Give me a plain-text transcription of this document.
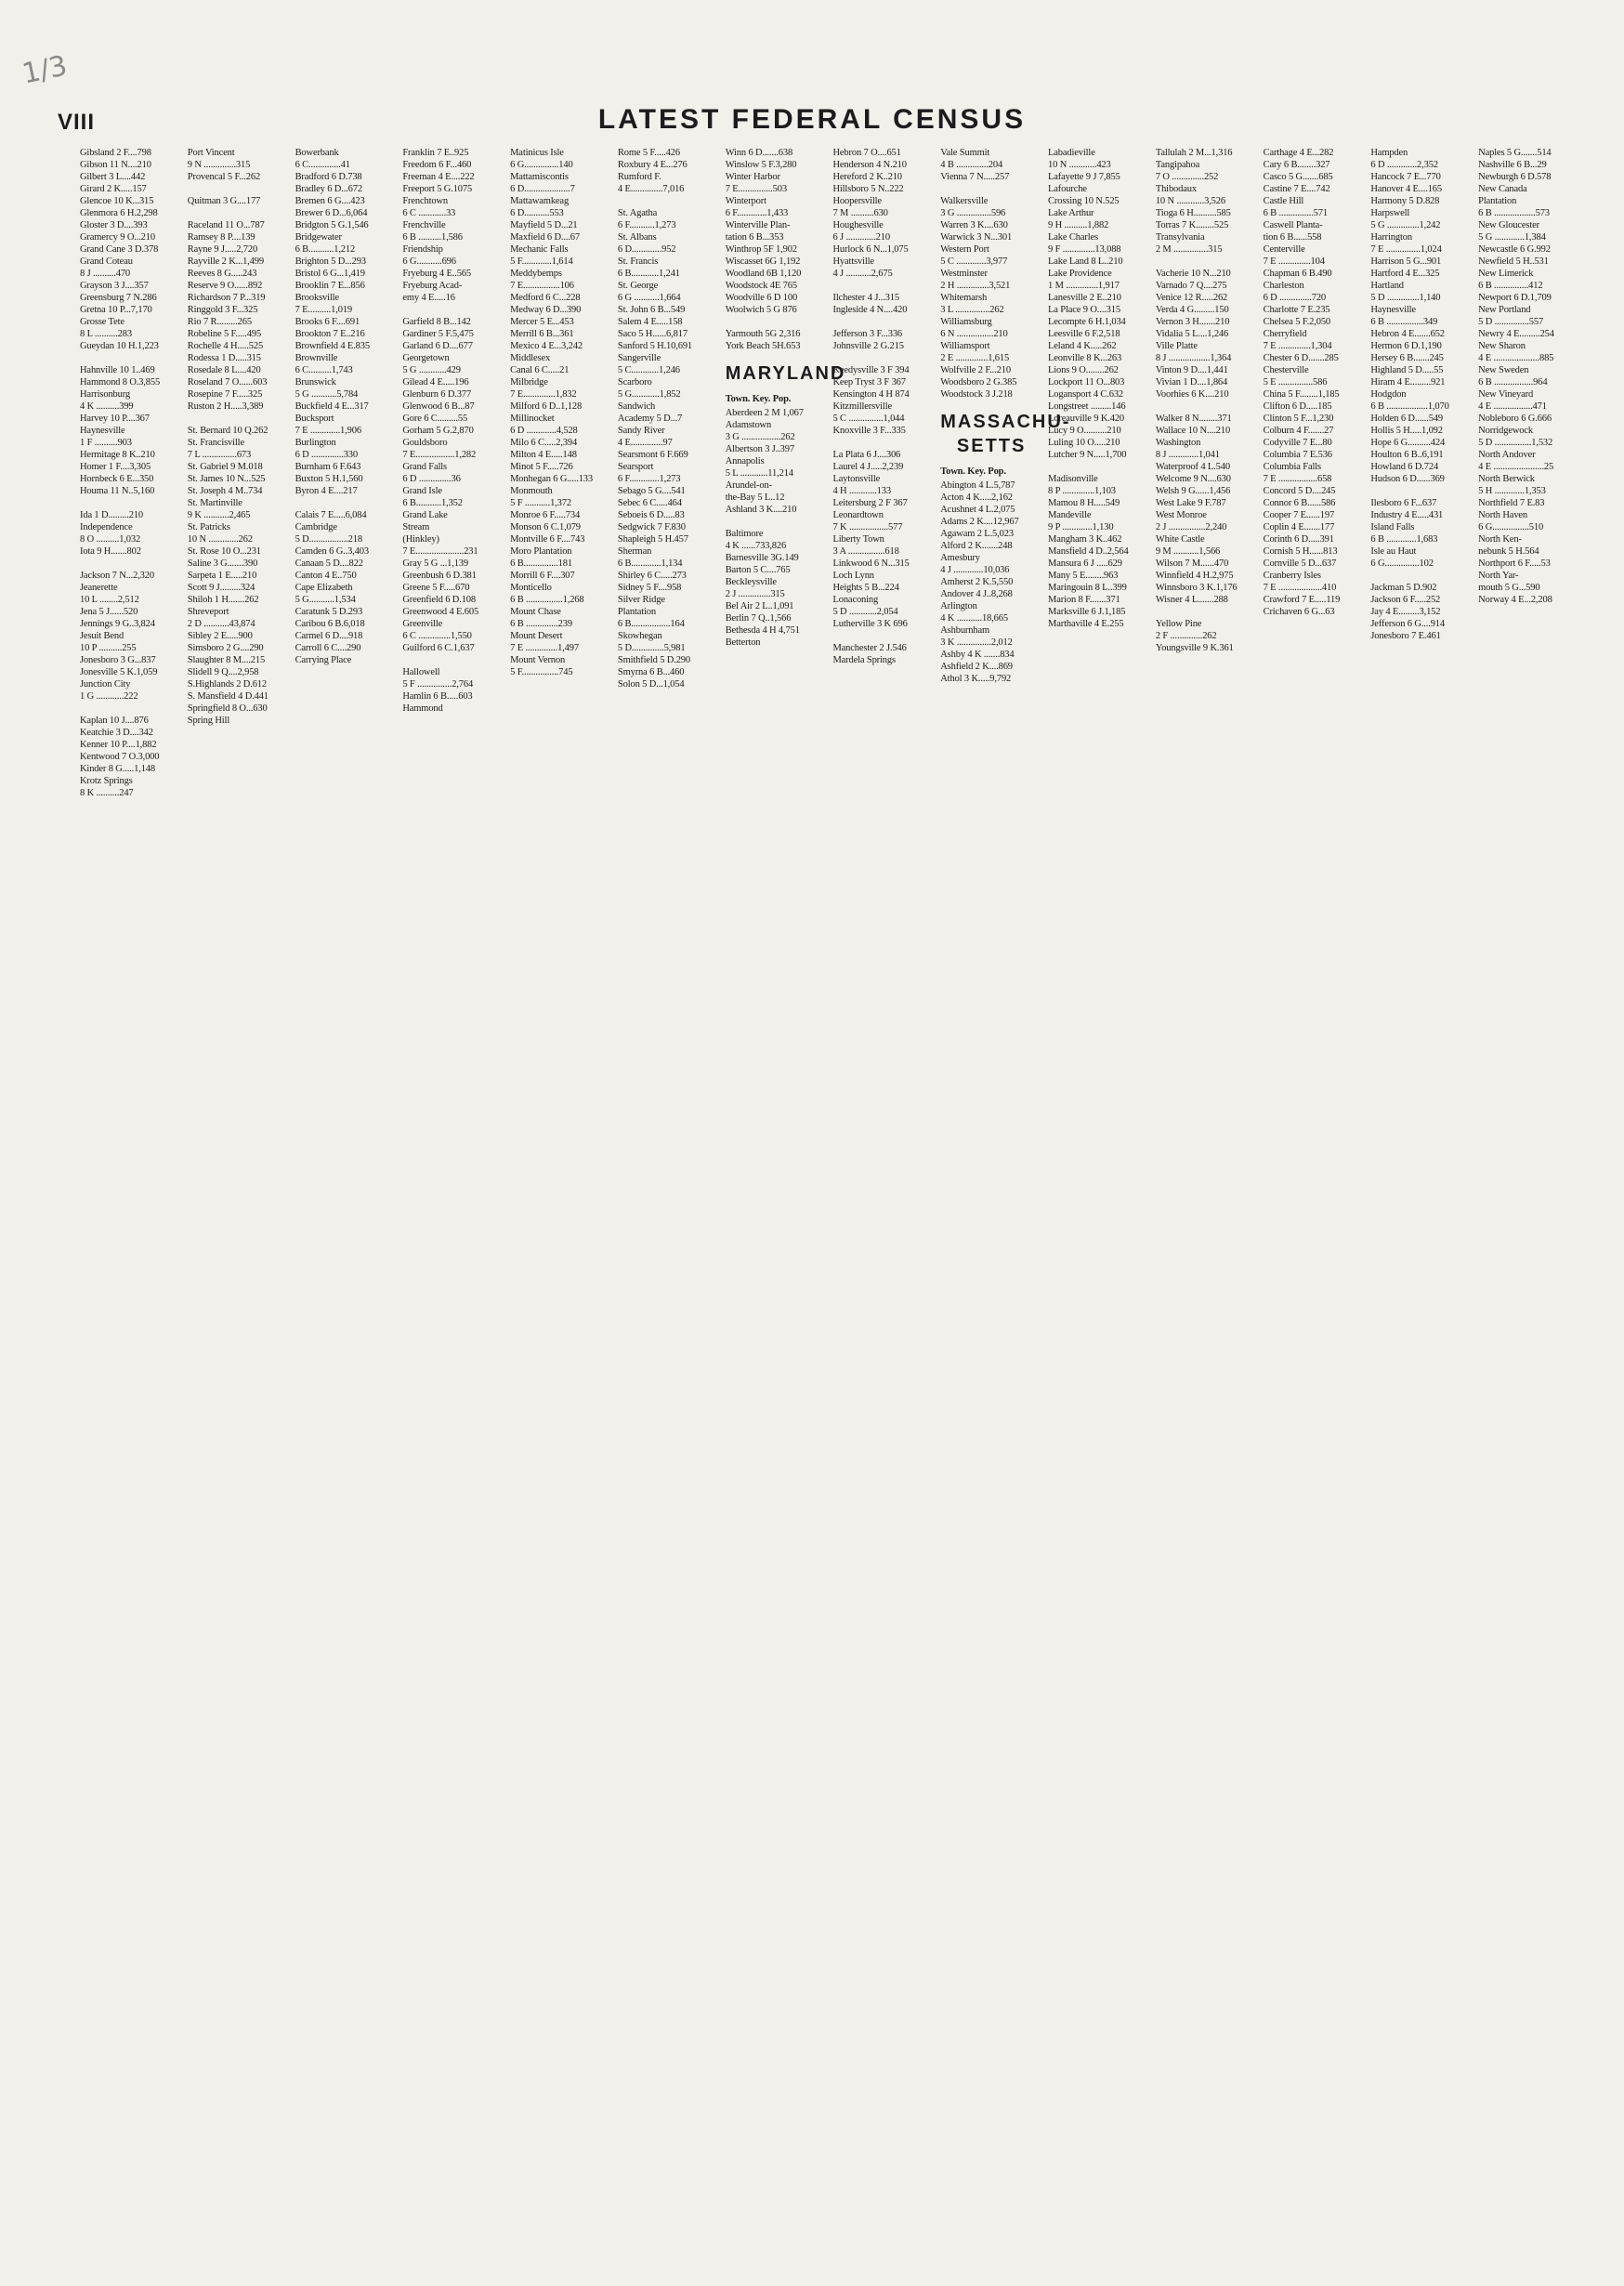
1/3
VIII	LATEST FEDERAL CENSUS
Gibsland 2 F....798
Gibson 11 N....210
Gilbert 3 L....442
Girard 2 K.....157
Glencoe 10 K...315
Glenmora 6 H.2,298
Gloster 3 D....393
Gramercy 9 O...210
Grand Cane 3 D.378
Grand Coteau
8 J ..........470
Grayson 3 J....357
Greensburg 7 N.286
Gretna 10 P...7,170
Grosse Tete
8 L ..........283
Gueydan 10 H.1,223

Hahnville 10 1..469
Hammond 8 O.3,855
Harrisonburg
4 K ..........399
Harvey 10 P....367
Haynesville
1 F ..........903
Hermitage 8 K..210
Homer 1 F....3,305
Hornbeck 6 E...350
Houma 11 N..5,160

Ida 1 D.........210
Independence
8 O ..........1,032
Iota 9 H.......802

Jackson 7 N...2,320
Jeanerette
10 L ........2,512
Jena 5 J......520
Jennings 9 G..3,824
Jesuit Bend
10 P ..........255
Jonesboro 3 G...837
Jonesville 5 K.1,059
Junction City
1 G ............222

Kaplan 10 J....876
Keatchie 3 D....342
Kenner 10 P....1,882
Kentwood 7 O.3,000
Kinder 8 G.....1,148
Krotz Springs
8 K ..........247
Port Vincent
9 N ..............315
Provencal 5 F...262

Quitman 3 G....177

Raceland 11 O...787
Ramsey 8 P....139
Rayne 9 J.....2,720
Rayville 2 K...1,499
Reeves 8 G.....243
Reserve 9 O......892
Richardson 7 P...319
Ringgold 3 F...325
Rio 7 R.........265
Robeline 5 F.....495
Rochelle 4 H.....525
Rodessa 1 D.....315
Rosedale 8 L....420
Roseland 7 O......603
Rosepine 7 F.....325
Ruston 2 H.....3,389

St. Bernard 10 Q.262
St. Francisville
7 L ...............673
St. Gabriel 9 M.018
St. James 10 N...525
St. Joseph 4 M..734
St. Martinville
9 K ...........2,465
St. Patricks
10 N .............262
St. Rose 10 O...231
Saline 3 G.......390
Sarpeta 1 E.....210
Scott 9 J.........324
Shiloh 1 H.......262
Shreveport
2 D ...........43,874
Sibley 2 E.....900
Simsboro 2 G....290
Slaughter 8 M....215
Slidell 9 Q....2,958
S.Highlands 2 D.612
S. Mansfield 4 D.441
Springfield 8 O...630
Spring Hill
Bowerbank
6 C..............41
Bradford 6 D.738
Bradley 6 D...672
Bremen 6 G....423
Brewer 6 D...6,064
Bridgton 5 G.1,546
Bridgewater
6 B...........1,212
Brighton 5 D...293
Bristol 6 G...1,419
Brooklin 7 E...856
Brooksville
7 E..........1,019
Brooks 6 F....691
Brookton 7 E..216
Brownfield 4 E.835
Brownville
6 C..........1,743
Brunswick
5 G ...........5,784
Buckfield 4 E...317
Bucksport
7 E .............1,906
Burlington
6 D ..............330
Burnham 6 F.643
Buxton 5 H.1,560
Byron 4 E....217

Calais 7 E.....6,084
Cambridge
5 D.................218
Camden 6 G..3,403
Canaan 5 D....822
Canton 4 E..750
Cape Elizabeth
5 G...........1,534
Caratunk 5 D.293
Caribou 6 B.6,018
Carmel 6 D....918
Carroll 6 C....290
Carrying Place
Franklin 7 E..925
Freedom 6 F...460
Freeman 4 E....222
Freeport 5 G.1075
Frenchtown
6 C ............33
Frenchville
6 B ..........1,586
Friendship
6 G...........696
Fryeburg 4 E..565
Fryeburg Acad-
emy 4 E.....16

Garfield 8 B...142
Gardiner 5 F.5,475
Garland 6 D....677
Georgetown
5 G ............429
Gilead 4 E.....196
Glenburn 6 D.377
Glenwood 6 B...87
Gore 6 C.........55
Gorham 5 G.2,870
Gouldsboro
7 E.................1,282
Grand Falls
6 D ..............36
Grand Isle
6 B...........1,352
Grand Lake
Stream
(Hinkley)
7 E.....................231
Gray 5 G ...1,139
Greenbush 6 D.381
Greene 5 F.....670
Greenfield 6 D.108
Greenwood 4 E.605
Greenville
6 C ..............1,550
Guilford 6 C.1,637

Hallowell
5 F ...............2,764
Hamlin 6 B.....603
Hammond
Matinicus Isle
6 G...............140
Mattamiscontis
6 D....................7
Mattawamkeag
6 D...........553
Mayfield 5 D...21
Maxfield 6 D....67
Mechanic Falls
5 F.............1,614
Meddybemps
7 E................106
Medford 6 C...228
Medway 6 D...390
Mercer 5 E...453
Merrill 6 B...361
Mexico 4 E...3,242
Middlesex
Canal 6 C.....21
Milbridge
7 E..............1,832
Milford 6 D..1,128
Millinocket
6 D .............4,528
Milo 6 C.....2,394
Milton 4 E.....148
Minot 5 F.....726
Monhegan 6 G.....133
Monmouth
5 F ...........1,372
Monroe 6 F.....734
Monson 6 C.1,079
Montville 6 F....743
Moro Plantation
6 B...............181
Morrill 6 F....307
Monticello
6 B ................1,268
Mount Chase
6 B ..............239
Mount Desert
7 E ..............1,497
Mount Vernon
5 F................745
Rome 5 F.....426
Roxbury 4 E...276
Rumford F.
4 E..............7,016

St. Agatha
6 F...........1,273
St. Albans
6 D.............952
St. Francis
6 B............1,241
St. George
6 G ...........1,664
St. John 6 B...549
Salem 4 E.....158
Saco 5 H......6,817
Sanford 5 H.10,691
Sangerville
5 C............1,246
Scarboro
5 G............1,852
Sandwich
Academy 5 D...7
Sandy River
4 E..............97
Searsmont 6 F.669
Searsport
6 F.............1,273
Sebago 5 G....541
Sebec 6 C.....464
Seboeis 6 D.....83
Sedgwick 7 F.830
Shapleigh 5 H.457
Sherman
6 B.............1,134
Shirley 6 C.....273
Sidney 5 F....958
Silver Ridge
Plantation
6 B.................164
Skowhegan
5 D..............5,981
Smithfield 5 D.290
Smyrna 6 B...460
Solon 5 D...1,054
Winn 6 D.......638
Winslow 5 F.3,280
Winter Harbor
7 E...............503
Winterport
6 F.............1,433
Winterville Plan-
tation 6 B...353
Winthrop 5F 1,902
Wiscasset 6G 1,192
Woodland 6B 1,120
Woodstock 4E 765
Woodville 6 D 100
Woolwich 5 G 876

Yarmouth 5G 2,316
York Beach 5H.653
MARYLAND
Town. Key. Pop.
Aberdeen 2 M 1,067
Adamstown
3 G .................262
Albertson 3 J..397
Annapolis
5 L ............11,214
Arundel-on-
the-Bay 5 L..12
Ashland 3 K....210

Baltimore
4 K ......733,826
Barnesville 3G.149
Barton 5 C....765
Beckleysville
2 J ..............315
Bel Air 2 L..1,091
Berlin 7 Q..1,566
Bethesda 4 H 4,751
Betterton
Hebron 7 O....651
Henderson 4 N.210
Hereford 2 K..210
Hillsboro 5 N..222
Hoopersville
7 M ..........630
Houghesville
6 J .............210
Hurlock 6 N...1,075
Hyattsville
4 J ...........2,675

Ilchester 4 J...315
Ingleside 4 N....420

Jefferson 3 F...336
Johnsville 2 G.215

Keedysville 3 F 394
Keep Tryst 3 F 367
Kensington 4 H 874
Kitzmillersville
5 C ...............1,044
Knoxville 3 F...335

La Plata 6 J....306
Laurel 4 J.....2,239
Laytonsville
4 H ............133
Leitersburg 2 F 367
Leonardtown
7 K .................577
Liberty Town
3 A ................618
Linkwood 6 N...315
Loch Lynn
Heights 5 B...224
Lonaconing
5 D ............2,054
Lutherville 3 K 696

Manchester 2 J.546
Mardela Springs
Vale Summit
4 B ..............204
Vienna 7 N.....257

Walkersville
3 G ...............596
Warren 3 K....630
Warwick 3 N...301
Western Port
5 C .............3,977
Westminster
2 H ..............3,521
Whitemarsh
3 L ...............262
Williamsburg
6 N ................210
Williamsport
2 E ..............1,615
Wolfville 2 F...210
Woodsboro 2 G.385
Woodstock 3 J.218
MASSACHU-SETTS
Town. Key. Pop.
Abington 4 L.5,787
Acton 4 K.....2,162
Acushnet 4 L.2,075
Adams 2 K....12,967
Agawam 2 L.5,023
Alford 2 K.......248
Amesbury
4 J .............10,036
Amherst 2 K.5,550
Andover 4 J..8,268
Arlington
4 K ...........18,665
Ashburnham
3 K ...............2,012
Ashby 4 K .......834
Ashfield 2 K....869
Athol 3 K.....9,792
Labadieville
10 N ............423
Lafayette 9 J 7,855
Lafourche
Crossing 10 N.525
Lake Arthur
9 H ..........1,882
Lake Charles
9 F ..............13,088
Lake Land 8 L..210
Lake Providence
1 M ..............1,917
Lanesville 2 E..210
La Place 9 O....315
Lecompte 6 H.1,034
Leesville 6 F.2,518
Leland 4 K.....262
Leonville 8 K...263
Lions 9 O........262
Lockport 11 O...803
Logansport 4 C.632
Longstreet .........146
Loreauville 9 K.420
Lucy 9 O..........210
Luling 10 O.....210
Lutcher 9 N.....1,700

Madisonville
8 P ..............1,103
Mamou 8 H.....549
Mandeville
9 P .............1,130
Mangham 3 K..462
Mansfield 4 D..2,564
Mansura 6 J .....629
Many 5 E........963
Maringouin 8 L..399
Marion 8 F.......371
Marksville 6 J.1,185
Marthaville 4 E.255
Tallulah 2 M...1,316
Tangipahoa
7 O ..............252
Thibodaux
10 N ............3,526
Tioga 6 H..........585
Torras 7 K........525
Transylvania
2 M ...............315

Vacherie 10 N...210
Varnado 7 Q....275
Venice 12 R.....262
Verda 4 G.........150
Vernon 3 H.......210
Vidalia 5 L....1,246
Ville Platte
8 J ..................1,364
Vinton 9 D....1,441
Vivian 1 D....1,864
Voorhies 6 K....210

Walker 8 N........371
Wallace 10 N....210
Washington
8 J .............1,041
Waterproof 4 L.540
Welcome 9 N....630
Welsh 9 G......1,456
West Lake 9 F.787
West Monroe
2 J ................2,240
White Castle
9 M ...........1,566
Wilson 7 M......470
Winnfield 4 H.2,975
Winnsboro 3 K.1,176
Wisner 4 L.......288

Yellow Pine
2 F ..............262
Youngsville 9 K.361
Carthage 4 E...282
Cary 6 B........327
Casco 5 G.......685
Castine 7 E....742
Castle Hill
6 B ...............571
Caswell Planta-
tion 6 B......558
Centerville
7 E ..............104
Chapman 6 B.490
Charleston
6 D ..............720
Charlotte 7 E.235
Chelsea 5 F.2,050
Cherryfield
7 E ..............1,304
Chester 6 D.......285
Chesterville
5 E ...............586
China 5 F........1,185
Clifton 6 D.....185
Clinton 5 F...1,230
Colburn 4 F.......27
Codyville 7 E...80
Columbia 7 E.536
Columbia Falls
7 E .................658
Concord 5 D....245
Connor 6 B......586
Cooper 7 E......197
Coplin 4 E.......177
Corinth 6 D.....391
Cornish 5 H......813
Cornville 5 D...637
Cranberry Isles
7 E ...................410
Crawford 7 E.....119
Crichaven 6 G...63
Hampden
6 D .............2,352
Hancock 7 E...770
Hanover 4 E....165
Harmony 5 D.828
Harpswell
5 G ..............1,242
Harrington
7 E ...............1,024
Harrison 5 G...901
Hartford 4 E...325
Hartland
5 D ..............1,140
Haynesville
6 B ................349
Hebron 4 E.......652
Hermon 6 D.1,190
Hersey 6 B.......245
Highland 5 D.....55
Hiram 4 E.........921
Hodgdon
6 B ..................1,070
Holden 6 D......549
Hollis 5 H.....1,092
Hope 6 G..........424
Houlton 6 B..6,191
Howland 6 D.724
Hudson 6 D......369

Ilesboro 6 F...637
Industry 4 E.....431
Island Falls
6 B .............1,683
Isle au Haut
6 G...............102

Jackman 5 D.902
Jackson 6 F.....252
Jay 4 E.........3,152
Jefferson 6 G....914
Jonesboro 7 E.461
Naples 5 G.......514
Nashville 6 B...29
Newburgh 6 D.578
New Canada
Plantation
6 B ..................573
New Gloucester
5 G .............1,384
Newcastle 6 G.992
Newfield 5 H..531
New Limerick
6 B ...............412
Newport 6 D.1,709
New Portland
5 D ...............557
Newry 4 E.........254
New Sharon
4 E ....................885
New Sweden
6 B .................964
New Vineyard
4 E .................471
Nobleboro 6 G.666
Norridgewock
5 D ................1,532
North Andover
4 E ......................25
North Berwick
5 H .............1,353
Northfield 7 E.83
North Haven
6 G................510
North Ken-
nebunk 5 H.564
Northport 6 F.....53
North Yar-
mouth 5 G...590
Norway 4 E...2,208
